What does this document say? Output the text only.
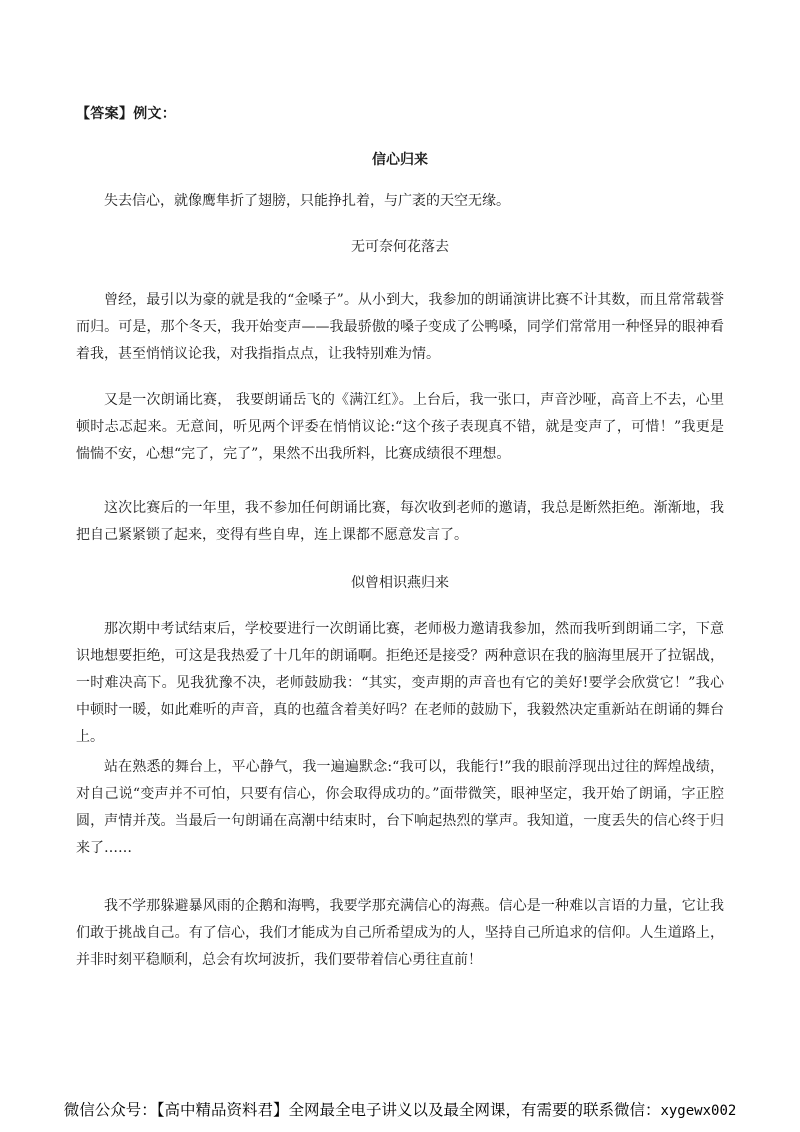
【答案】例文：
信心归来

失去信心，就像鹰隼折了翅膀，只能挣扎着，与广袤的天空无缘。

无可奈何花落去

曾经，最引以为豪的就是我的“金嗓子”。从小到大，我参加的朗诵演讲比赛不计其数，而且常常载誉而归。可是，那个冬天，我开始变声——我最骄傲的嗓子变成了公鸭嗓，同学们常常用一种怪异的眼神看着我，甚至悄悄议论我，对我指指点点，让我特别难为情。

又是一次朗诵比赛， 我要朗诵岳飞的《满江红》。上台后，我一张口，声音沙哑，高音上不去，心里顿时忐忑起来。无意间，听见两个评委在悄悄议论:“这个孩子表现真不错，就是变声了，可惜！”我更是惴惴不安，心想“完了，完了”，果然不出我所料，比赛成绩很不理想。

这次比赛后的一年里，我不参加任何朗诵比赛，每次收到老师的邀请，我总是断然拒绝。渐渐地，我把自己紧紧锁了起来，变得有些自卑，连上课都不愿意发言了。

似曾相识燕归来

那次期中考试结束后，学校要进行一次朗诵比赛，老师极力邀请我参加，然而我听到朗诵二字，下意识地想要拒绝，可这是我热爱了十几年的朗诵啊。拒绝还是接受？两种意识在我的脑海里展开了拉锯战，一时难决高下。见我犹豫不决，老师鼓励我：“其实，变声期的声音也有它的美好!要学会欣赏它！”我心中顿时一暖，如此难听的声音，真的也蕴含着美好吗？在老师的鼓励下，我毅然决定重新站在朗诵的舞台上。

站在熟悉的舞台上，平心静气，我一遍遍默念:“我可以，我能行!”我的眼前浮现出过往的辉煌战绩，对自己说“变声并不可怕，只要有信心，你会取得成功的。”面带微笑，眼神坚定，我开始了朗诵，字正腔圆，声情并茂。当最后一句朗诵在高潮中结束时，台下响起热烈的掌声。我知道，一度丢失的信心终于归来了……

我不学那躲避暴风雨的企鹅和海鸭，我要学那充满信心的海燕。信心是一种难以言语的力量，它让我们敢于挑战自己。有了信心，我们才能成为自己所希望成为的人，坚持自己所追求的信仰。人生道路上，并非时刻平稳顺利，总会有坎坷波折，我们要带着信心勇往直前！

微信公众号：【高中精品资料君】全网最全电子讲义以及最全网课，有需要的联系微信：xygewx002
